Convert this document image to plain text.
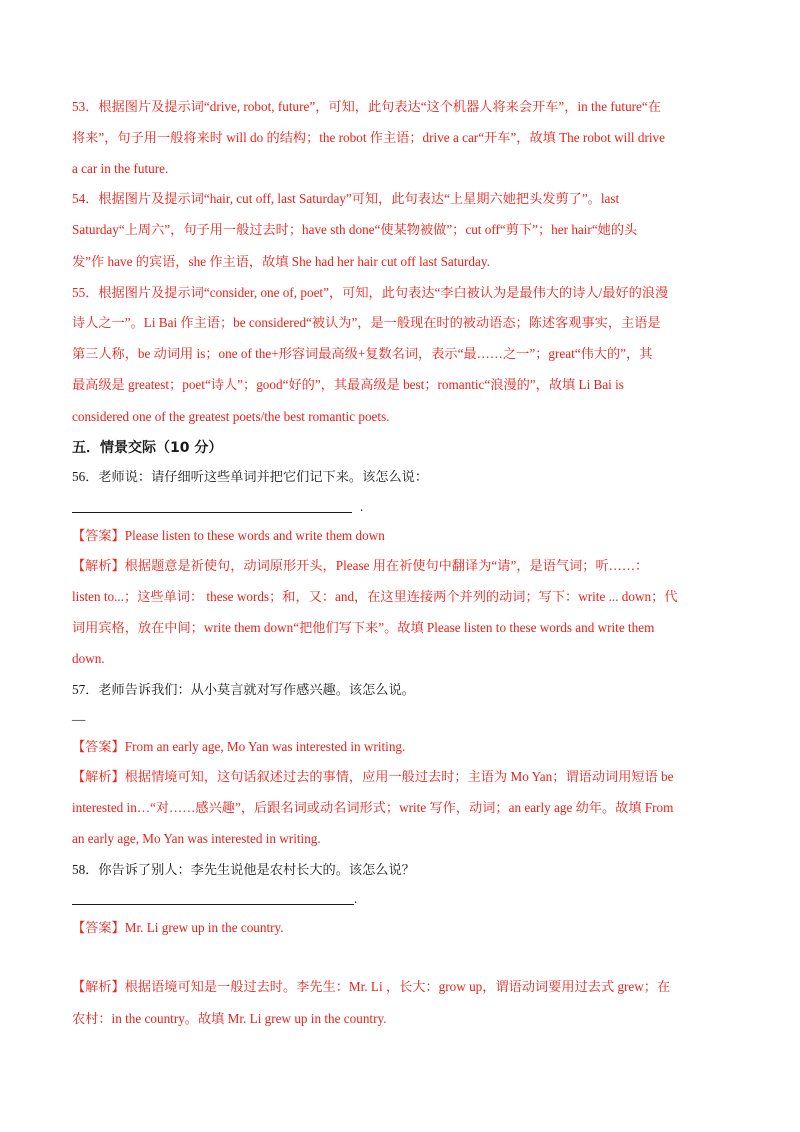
53．根据图片及提示词“drive, robot, future”，可知，此句表达“这个机器人将来会开车”，in the future“在
将来”，句子用一般将来时 will do 的结构；the robot 作主语；drive a car“开车”，故填 The robot will drive
a car in the future.
54．根据图片及提示词“hair, cut off, last Saturday”可知，此句表达“上星期六她把头发剪了”。last
Saturday“上周六”，句子用一般过去时；have sth done“使某物被做”；cut off“剪下”；her hair“她的头
发”作 have 的宾语，she 作主语，故填 She had her hair cut off last Saturday.
55．根据图片及提示词“consider, one of, poet”，可知，此句表达“李白被认为是最伟大的诗人/最好的浪漫
诗人之一”。Li Bai 作主语；be considered“被认为”，是一般现在时的被动语态；陈述客观事实，主语是
第三人称，be 动词用 is；one of the+形容词最高级+复数名词，表示“最……之一”；great“伟大的”，其
最高级是 greatest；poet“诗人”；good“好的”，其最高级是 best；romantic“浪漫的”，故填 Li Bai is
considered one of the greatest poets/the best romantic poets.
五．情景交际（10 分）
56．老师说：请仔细听这些单词并把它们记下来。该怎么说：
.
【答案】Please listen to these words and write them down
【解析】根据题意是祈使句，动词原形开头，Please 用在祈使句中翻译为“请”，是语气词；听……：
listen to...；这些单词： these words；和，又：and，在这里连接两个并列的动词；写下：write ... down；代
词用宾格，放在中间；write them down“把他们写下来”。故填 Please listen to these words and write them
down.
57．老师告诉我们：从小莫言就对写作感兴趣。该怎么说。
__
【答案】From an early age, Mo Yan was interested in writing.
【解析】根据情境可知，这句话叙述过去的事情，应用一般过去时；主语为 Mo Yan；谓语动词用短语 be
interested in…“对……感兴趣”，后跟名词或动名词形式；write 写作，动词；an early age 幼年。故填 From
an early age, Mo Yan was interested in writing.
58．你告诉了别人：李先生说他是农村长大的。该怎么说？
.
【答案】Mr. Li grew up in the country.
【解析】根据语境可知是一般过去时。李先生：Mr. Li ，长大：grow up，谓语动词要用过去式 grew；在
农村：in the country。故填 Mr. Li grew up in the country.
